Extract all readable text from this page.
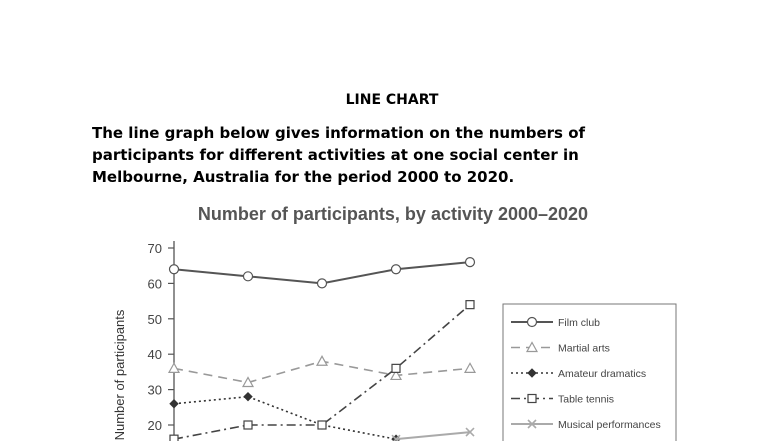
LINE CHART
The line graph below gives information on the numbers of
participants for different activities at one social center in
Melbourne, Australia for the period 2000 to 2020.
Number of participants, by activity 2000–2020
Number of participants 20
30
40
50
60
70
Film club
Martial arts
Amateur dramatics
Table tennis
Musical performances
